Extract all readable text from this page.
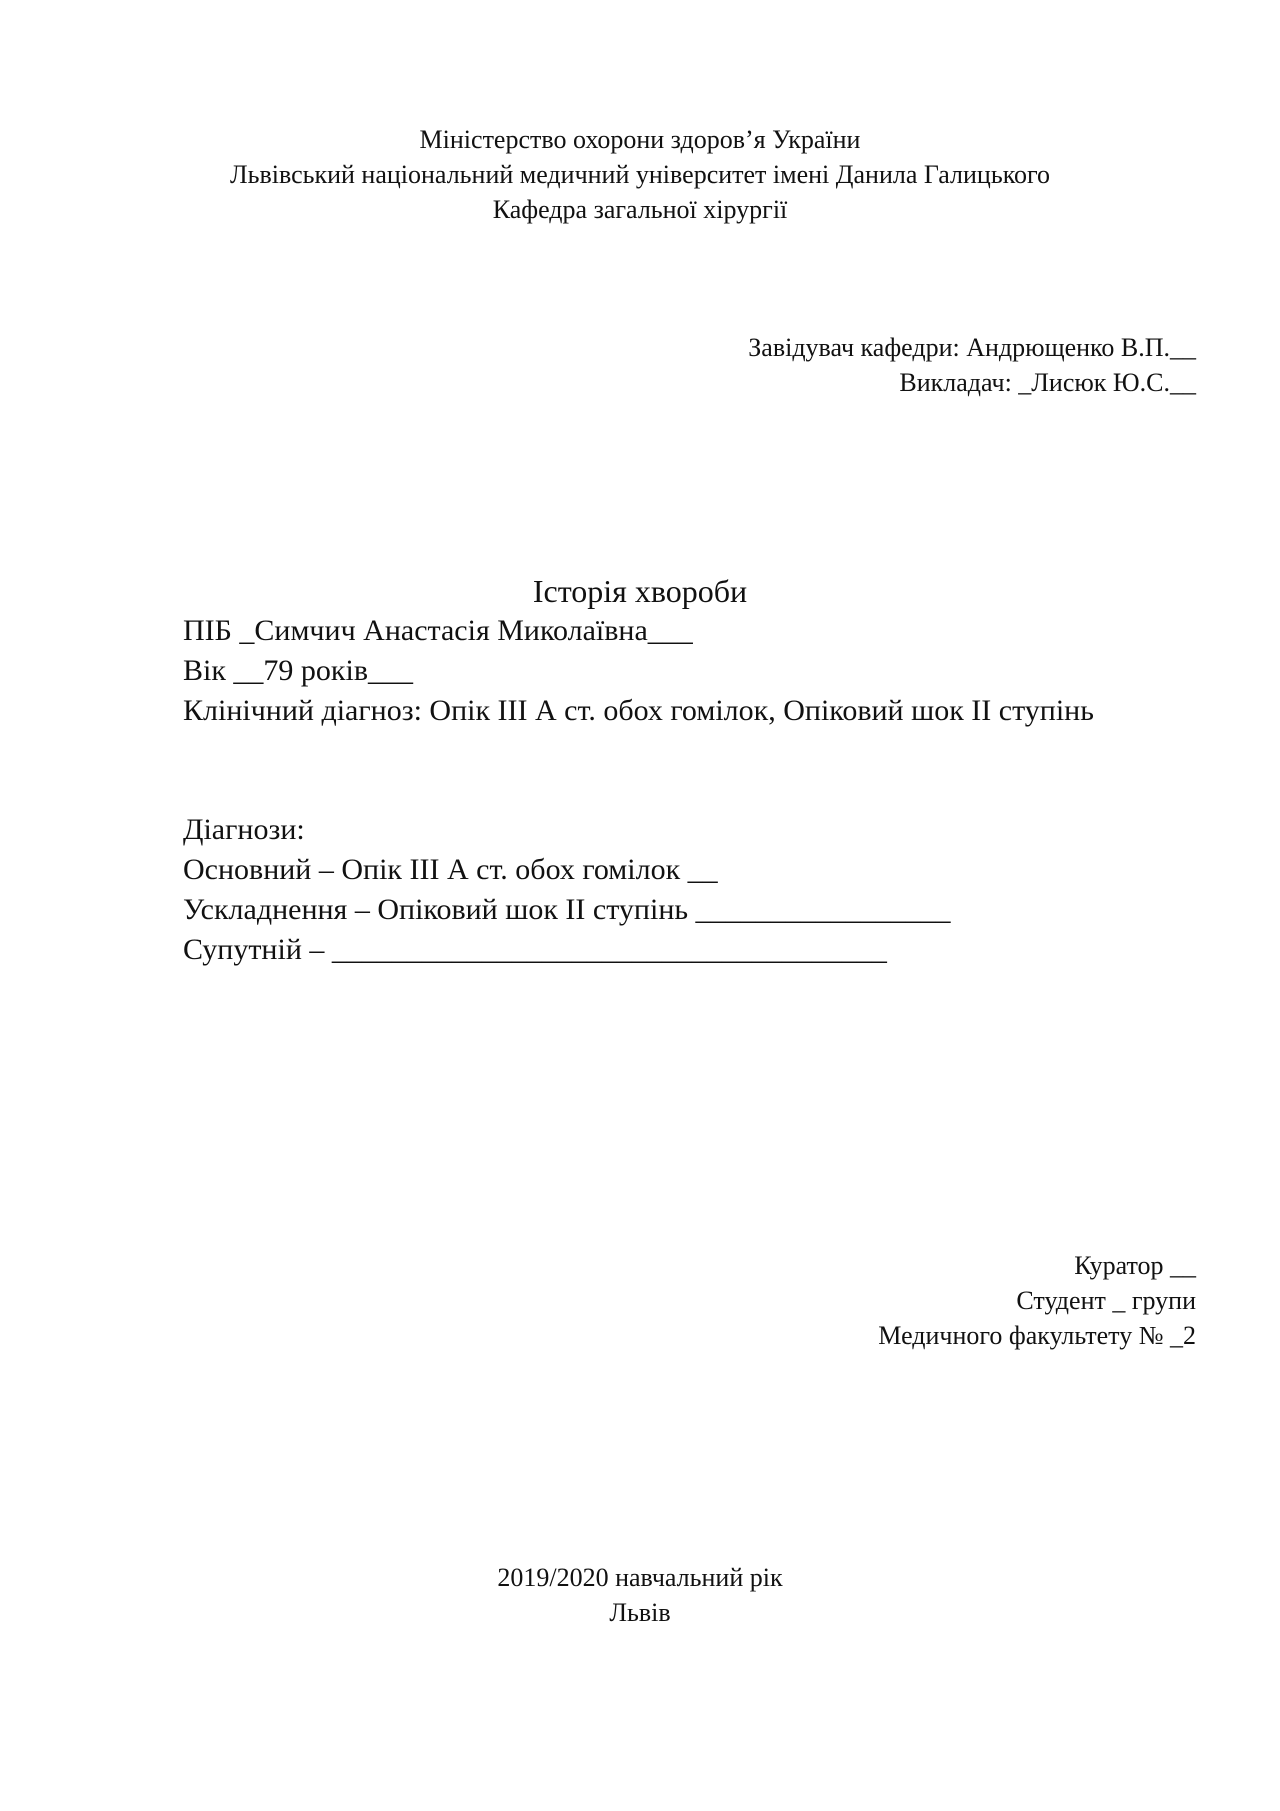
Міністерство охорони здоров’я України
Львівський національний медичний університет імені Данила Галицького
Кафедра загальної хірургії
Завідувач кафедри: Андрющенко В.П.__
Викладач: _Лисюк Ю.С.__
Історія хвороби
ПІБ _Симчич Анастасія Миколаївна___
Вік __79 років___
Клінічний діагноз: Опік ІІІ А ст. обох гомілок, Опіковий шок ІІ ступінь
Діагнози:
Основний – Опік ІІІ А ст. обох гомілок __
Ускладнення – Опіковий шок ІІ ступінь _________________
Супутній – _____________________________________
Куратор __
Студент _ групи
Медичного факультету № _2
2019/2020 навчальний рік
Львів
